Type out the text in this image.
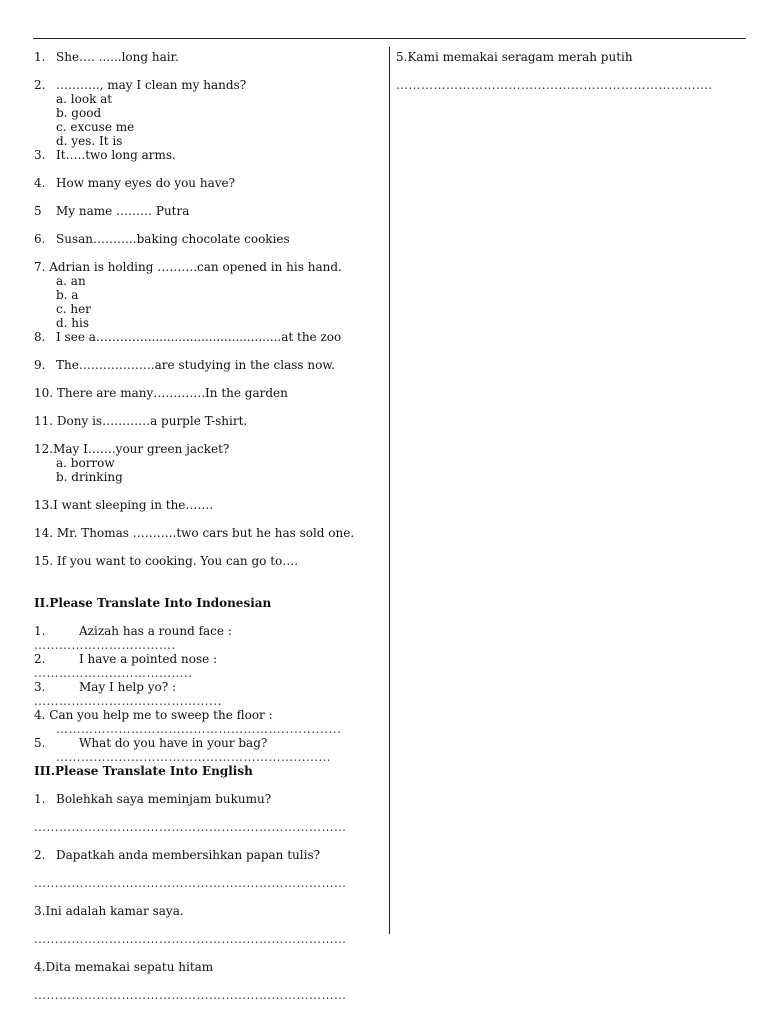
1. She…. ......long hair.
2. ……….., may I clean my hands?
a. look at
b. good
c. excuse me
d. yes. It is
3. It…..two long arms.
4. How many eyes do you have?
5 My name ……… Putra
6. Susan………..baking chocolate cookies
7. Adrian is holding ……….can opened in his hand.
a. an
b. a
c. her
d. his
8. I see a…………....................................at the zoo
9. The……………….are studying in the class now.
10. There are many………….In the garden
11. Dony is…………a purple T-shirt.
12.May I…….your green jacket?
a. borrow
b. drinking
13.I want sleeping in the…….
14. Mr. Thomas ………..two cars but he has sold one.
15. If you want to cooking. You can go to….
II.Please Translate Into Indonesian
1.	Azizah has a round face :
…………………………….
2.	I have a pointed nose :
………………………………..
3.	May I help yo? :
……………………………………...
4. Can you help me to sweep the floor :
………………………………………………..............
5.	What do you have in your bag?
…………………………………………………………
III.Please Translate Into English
1. Bolehkah saya meminjam bukumu?
…………………………………………………………………
2. Dapatkah anda membersihkan papan tulis?
…………………………………………………………………
3.Ini adalah kamar saya.
…………………………………………………………………
4.Dita memakai sepatu hitam
…………………………………………………………………
5.Kami memakai seragam merah putih
………………………………………………………………….
